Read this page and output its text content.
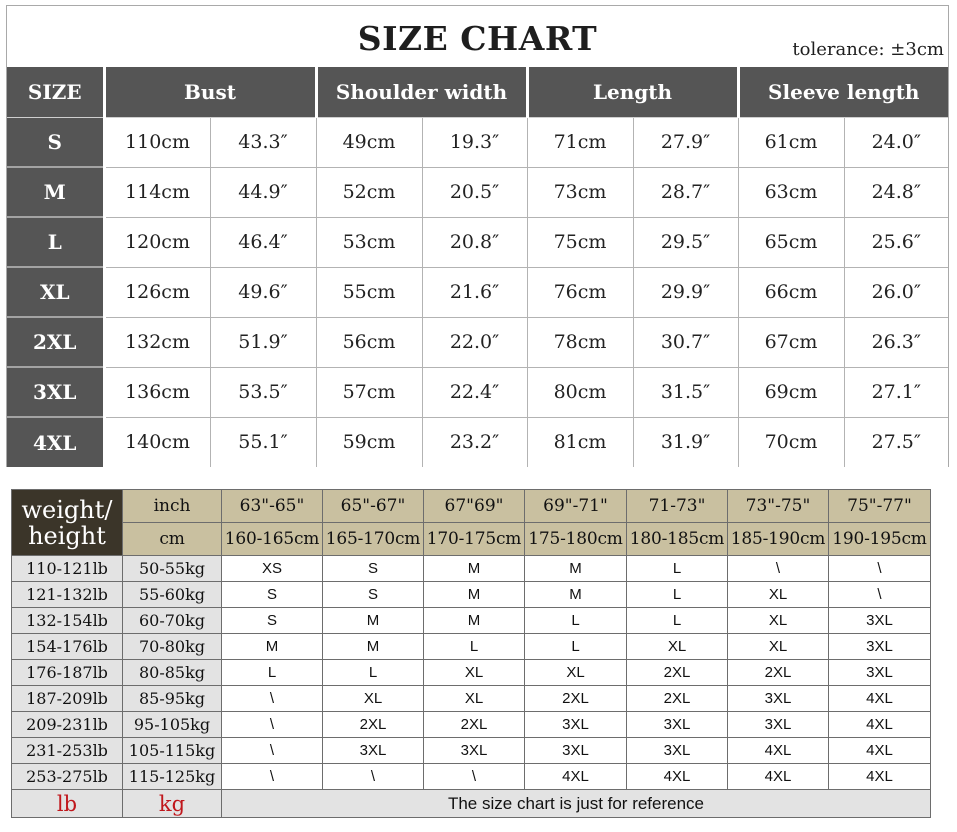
SIZE CHART	tolerance: ±3cm
SIZE	Bust		Shoulder width		Length		Sleeve length	
S	110cm	43.3″	49cm	19.3″	71cm	27.9″	61cm	24.0″
M	114cm	44.9″	52cm	20.5″	73cm	28.7″	63cm	24.8″
L	120cm	46.4″	53cm	20.8″	75cm	29.5″	65cm	25.6″
XL	126cm	49.6″	55cm	21.6″	76cm	29.9″	66cm	26.0″
2XL	132cm	51.9″	56cm	22.0″	78cm	30.7″	67cm	26.3″
3XL	136cm	53.5″	57cm	22.4″	80cm	31.5″	69cm	27.1″
4XL	140cm	55.1″	59cm	23.2″	81cm	31.9″	70cm	27.5″
weight/
height	inch	63"-65"	65"-67"	67"69"	69"-71"	71-73"	73"-75"	75"-77"
	cm	160-165cm	165-170cm	170-175cm	175-180cm	180-185cm	185-190cm	190-195cm
110-121lb	50-55kg	XS	S	M	M	L	\	\
121-132lb	55-60kg	S	S	M	M	L	XL	\
132-154lb	60-70kg	S	M	M	L	L	XL	3XL
154-176lb	70-80kg	M	M	L	L	XL	XL	3XL
176-187lb	80-85kg	L	L	XL	XL	2XL	2XL	3XL
187-209lb	85-95kg	\	XL	XL	2XL	2XL	3XL	4XL
209-231lb	95-105kg	\	2XL	2XL	3XL	3XL	3XL	4XL
231-253lb	105-115kg	\	3XL	3XL	3XL	3XL	4XL	4XL
253-275lb	115-125kg	\	\	\	4XL	4XL	4XL	4XL
lb	kg	The size chart is just for reference						
